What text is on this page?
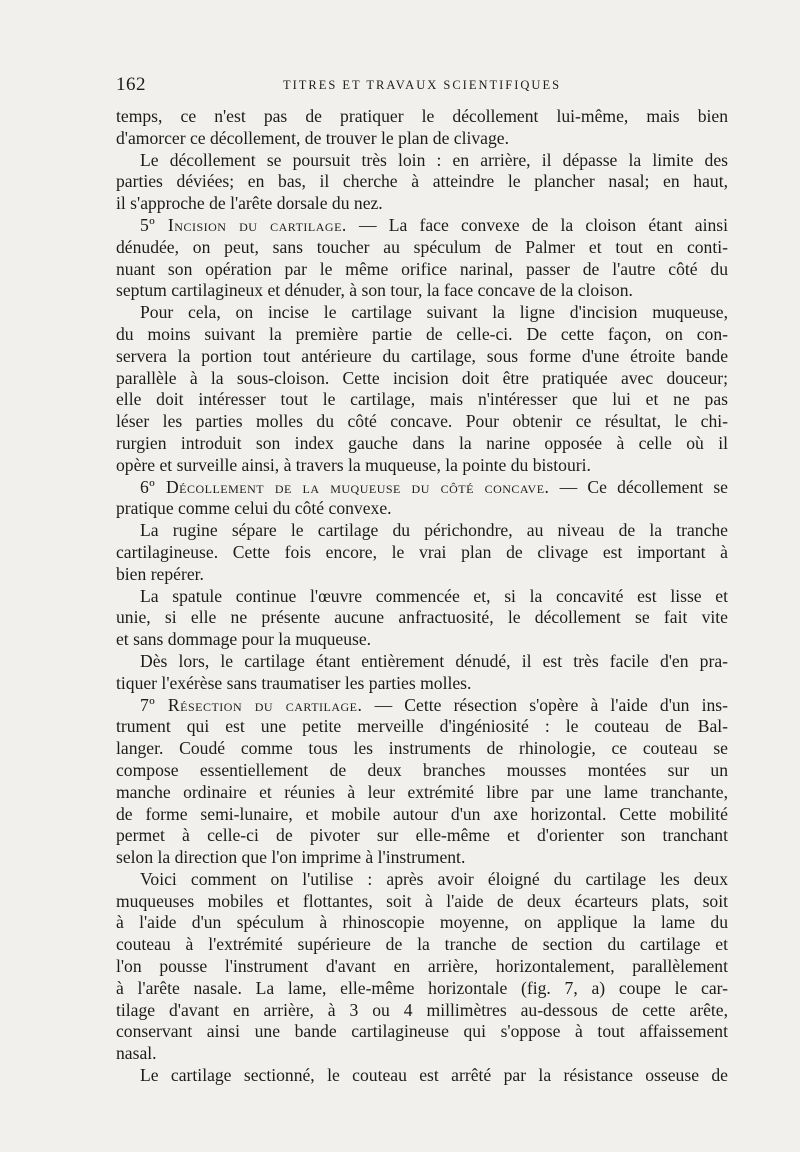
162	TITRES ET TRAVAUX SCIENTIFIQUES
temps, ce n'est pas de pratiquer le décollement lui-même, mais bien
d'amorcer ce décollement, de trouver le plan de clivage.
Le décollement se poursuit très loin : en arrière, il dépasse la limite des
parties déviées; en bas, il cherche à atteindre le plancher nasal; en haut,
il s'approche de l'arête dorsale du nez.
5º Incision du cartilage. — La face convexe de la cloison étant ainsi
dénudée, on peut, sans toucher au spéculum de Palmer et tout en conti-
nuant son opération par le même orifice narinal, passer de l'autre côté du
septum cartilagineux et dénuder, à son tour, la face concave de la cloison.
Pour cela, on incise le cartilage suivant la ligne d'incision muqueuse,
du moins suivant la première partie de celle-ci. De cette façon, on con-
servera la portion tout antérieure du cartilage, sous forme d'une étroite bande
parallèle à la sous-cloison. Cette incision doit être pratiquée avec douceur;
elle doit intéresser tout le cartilage, mais n'intéresser que lui et ne pas
léser les parties molles du côté concave. Pour obtenir ce résultat, le chi-
rurgien introduit son index gauche dans la narine opposée à celle où il
opère et surveille ainsi, à travers la muqueuse, la pointe du bistouri.
6º Décollement de la muqueuse du côté concave. — Ce décollement se
pratique comme celui du côté convexe.
La rugine sépare le cartilage du périchondre, au niveau de la tranche
cartilagineuse. Cette fois encore, le vrai plan de clivage est important à
bien repérer.
La spatule continue l'œuvre commencée et, si la concavité est lisse et
unie, si elle ne présente aucune anfractuosité, le décollement se fait vite
et sans dommage pour la muqueuse.
Dès lors, le cartilage étant entièrement dénudé, il est très facile d'en pra-
tiquer l'exérèse sans traumatiser les parties molles.
7º Résection du cartilage. — Cette résection s'opère à l'aide d'un ins-
trument qui est une petite merveille d'ingéniosité : le couteau de Bal-
langer. Coudé comme tous les instruments de rhinologie, ce couteau se
compose essentiellement de deux branches mousses montées sur un
manche ordinaire et réunies à leur extrémité libre par une lame tranchante,
de forme semi-lunaire, et mobile autour d'un axe horizontal. Cette mobilité
permet à celle-ci de pivoter sur elle-même et d'orienter son tranchant
selon la direction que l'on imprime à l'instrument.
Voici comment on l'utilise : après avoir éloigné du cartilage les deux
muqueuses mobiles et flottantes, soit à l'aide de deux écarteurs plats, soit
à l'aide d'un spéculum à rhinoscopie moyenne, on applique la lame du
couteau à l'extrémité supérieure de la tranche de section du cartilage et
l'on pousse l'instrument d'avant en arrière, horizontalement, parallèlement
à l'arête nasale. La lame, elle-même horizontale (fig. 7, a) coupe le car-
tilage d'avant en arrière, à 3 ou 4 millimètres au-dessous de cette arête,
conservant ainsi une bande cartilagineuse qui s'oppose à tout affaissement
nasal.
Le cartilage sectionné, le couteau est arrêté par la résistance osseuse de
